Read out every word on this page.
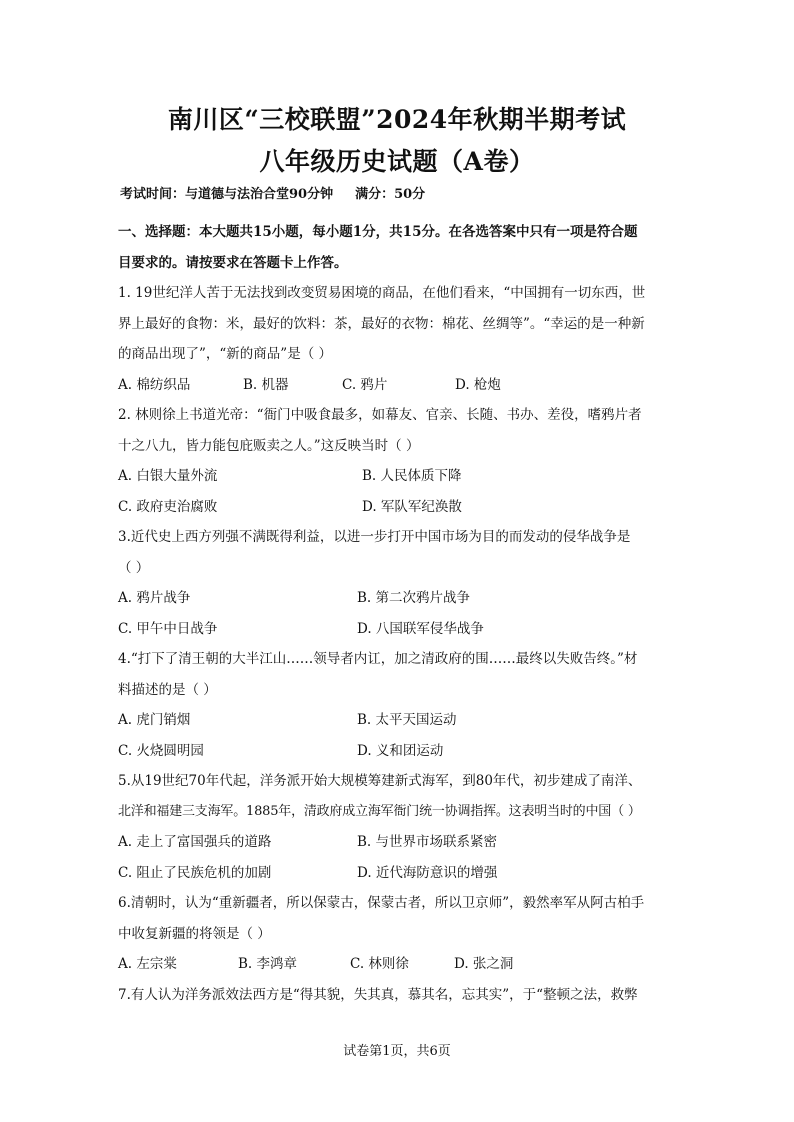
南川区“三校联盟”2024年秋期半期考试
八年级历史试题（A卷）
考试时间：与道德与法治合堂90分钟 满分：50分
一、选择题：本大题共15小题，每小题1分，共15分。在各选答案中只有一项是符合题
目要求的。请按要求在答题卡上作答。
1. 19世纪洋人苦于无法找到改变贸易困境的商品，在他们看来，“中国拥有一切东西，世
界上最好的食物：米，最好的饮料：茶，最好的衣物：棉花、丝绸等”。“幸运的是一种新
的商品出现了”，“新的商品”是（ ）
A. 棉纺织品	B. 机器	C. 鸦片	D. 枪炮
2. 林则徐上书道光帝：“衙门中吸食最多，如幕友、官亲、长随、书办、差役，嗜鸦片者
十之八九，皆力能包庇贩卖之人。”这反映当时（ ）
A. 白银大量外流	B. 人民体质下降
C. 政府吏治腐败	D. 军队军纪涣散
3.近代史上西方列强不满既得利益，以进一步打开中国市场为目的而发动的侵华战争是
（ ）
A. 鸦片战争	B. 第二次鸦片战争
C. 甲午中日战争	D. 八国联军侵华战争
4.“打下了清王朝的大半江山……领导者内讧，加之清政府的围……最终以失败告终。”材
料描述的是（ ）
A. 虎门销烟	B. 太平天国运动
C. 火烧圆明园	D. 义和团运动
5.从19世纪70年代起，洋务派开始大规模筹建新式海军，到80年代，初步建成了南洋、
北洋和福建三支海军。1885年，清政府成立海军衙门统一协调指挥。这表明当时的中国（ ）
A. 走上了富国强兵的道路	B. 与世界市场联系紧密
C. 阻止了民族危机的加剧	D. 近代海防意识的增强
6.清朝时，认为“重新疆者，所以保蒙古，保蒙古者，所以卫京师”，毅然率军从阿古柏手
中收复新疆的将领是（ ）
A. 左宗棠	B. 李鸿章	C. 林则徐	D. 张之洞
7.有人认为洋务派效法西方是“得其貌，失其真，慕其名，忘其实”，于“整顿之法，救弊
试卷第1页，共6页
